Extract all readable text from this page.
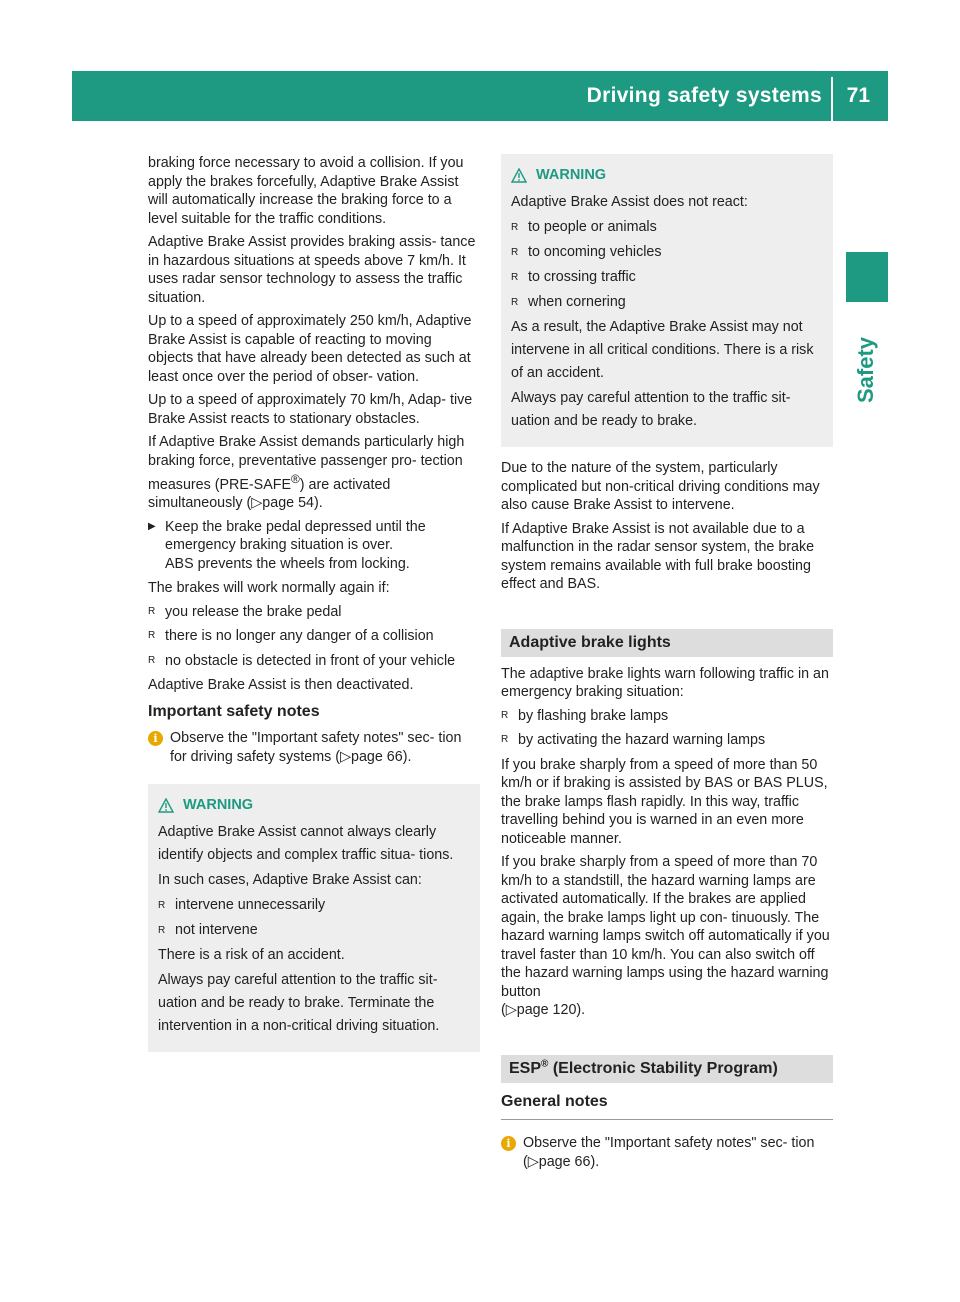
Driving safety systems 71
Safety

braking force necessary to avoid a collision. If you apply the brakes forcefully, Adaptive Brake Assist will automatically increase the braking force to a level suitable for the traffic conditions.

Adaptive Brake Assist provides braking assis- tance in hazardous situations at speeds above 7 km/h. It uses radar sensor technology to assess the traffic situation.

Up to a speed of approximately 250 km/h, Adaptive Brake Assist is capable of reacting to moving objects that have already been detected as such at least once over the period of obser- vation.

Up to a speed of approximately 70 km/h, Adap- tive Brake Assist reacts to stationary obstacles.

If Adaptive Brake Assist demands particularly high braking force, preventative passenger pro- tection measures (PRE-SAFE®) are activated simultaneously (▷page 54).

▶ Keep the brake pedal depressed until the emergency braking situation is over.
ABS prevents the wheels from locking.

The brakes will work normally again if:

R you release the brake pedal
R there is no longer any danger of a collision
R no obstacle is detected in front of your vehicle

Adaptive Brake Assist is then deactivated.

Important safety notes
i Observe the "Important safety notes" sec- tion for driving safety systems (▷page 66).
WARNING

Adaptive Brake Assist cannot always clearly identify objects and complex traffic situa- tions.

In such cases, Adaptive Brake Assist can:

R intervene unnecessarily
R not intervene

There is a risk of an accident.

Always pay careful attention to the traffic sit- uation and be ready to brake. Terminate the intervention in a non-critical driving situation.

WARNING

Adaptive Brake Assist does not react:

R to people or animals
R to oncoming vehicles
R to crossing traffic
R when cornering

As a result, the Adaptive Brake Assist may not intervene in all critical conditions. There is a risk of an accident.

Always pay careful attention to the traffic sit- uation and be ready to brake.

Due to the nature of the system, particularly complicated but non-critical driving conditions may also cause Brake Assist to intervene.

If Adaptive Brake Assist is not available due to a malfunction in the radar sensor system, the brake system remains available with full brake boosting effect and BAS.

Adaptive brake lights

The adaptive brake lights warn following traffic in an emergency braking situation:

R by flashing brake lamps
R by activating the hazard warning lamps

If you brake sharply from a speed of more than 50 km/h or if braking is assisted by BAS or BAS PLUS, the brake lamps flash rapidly. In this way, traffic travelling behind you is warned in an even more noticeable manner.

If you brake sharply from a speed of more than 70 km/h to a standstill, the hazard warning lamps are activated automatically. If the brakes are applied again, the brake lamps light up con- tinuously. The hazard warning lamps switch off automatically if you travel faster than 10 km/h. You can also switch off the hazard warning lamps using the hazard warning button
(▷page 120).

ESP® (Electronic Stability Program)
General notes
i Observe the "Important safety notes" sec- tion (▷page 66).
